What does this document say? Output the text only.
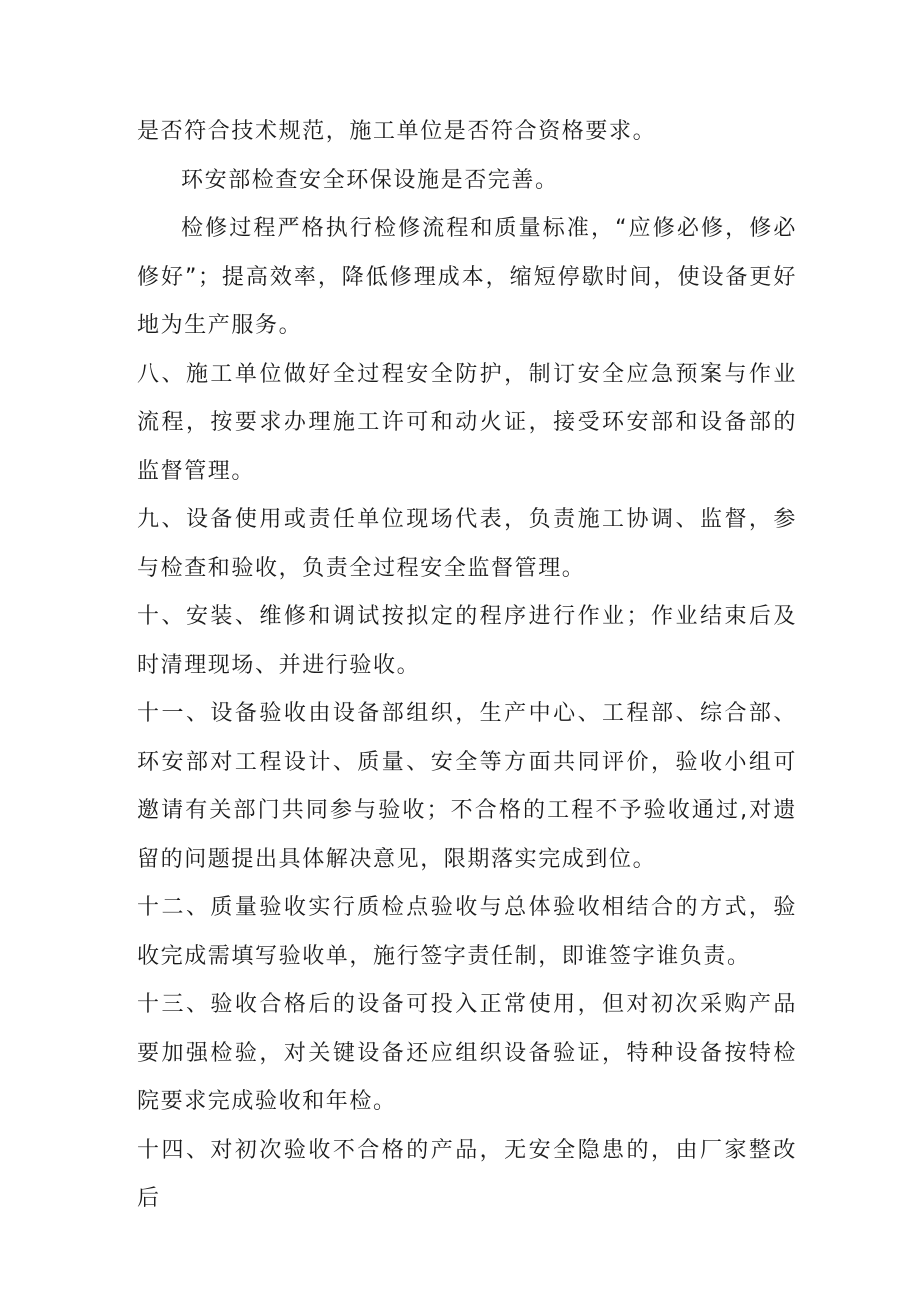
是否符合技术规范，施工单位是否符合资格要求。

环安部检查安全环保设施是否完善。

检修过程严格执行检修流程和质量标准，“应修必修，修必修好”；提高效率，降低修理成本，缩短停歇时间，使设备更好地为生产服务。

八、施工单位做好全过程安全防护，制订安全应急预案与作业流程，按要求办理施工许可和动火证，接受环安部和设备部的监督管理。

九、设备使用或责任单位现场代表，负责施工协调、监督，参与检查和验收，负责全过程安全监督管理。

十、安装、维修和调试按拟定的程序进行作业；作业结束后及时清理现场、并进行验收。

十一、设备验收由设备部组织，生产中心、工程部、综合部、环安部对工程设计、质量、安全等方面共同评价，验收小组可邀请有关部门共同参与验收；不合格的工程不予验收通过,对遗留的问题提出具体解决意见，限期落实完成到位。

十二、质量验收实行质检点验收与总体验收相结合的方式，验收完成需填写验收单，施行签字责任制，即谁签字谁负责。

十三、验收合格后的设备可投入正常使用，但对初次采购产品要加强检验，对关键设备还应组织设备验证，特种设备按特检院要求完成验收和年检。

十四、对初次验收不合格的产品，无安全隐患的，由厂家整改后
